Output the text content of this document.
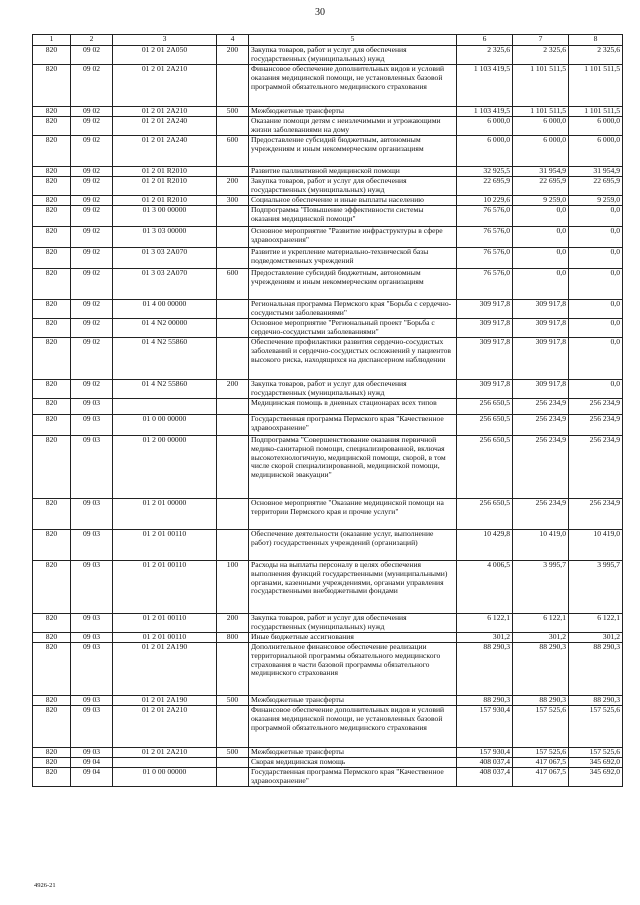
30
1	2	3	4	5	6	7	8
820	09 02	01 2 01 2А050	200	Закупка товаров, работ и услуг для обеспечения государственных (муниципальных) нужд	2 325,6	2 325,6	2 325,6
820	09 02	01 2 01 2А210		Финансовое обеспечение дополнительных видов и условий оказания медицинской помощи, не установленных базовой программой обязательного медицинского страхования	1 103 419,5	1 101 511,5	1 101 511,5
820	09 02	01 2 01 2А210	500	Межбюджетные трансферты	1 103 419,5	1 101 511,5	1 101 511,5
820	09 02	01 2 01 2А240		Оказание помощи детям с неизлечимыми и угрожающими жизни заболеваниями на дому	6 000,0	6 000,0	6 000,0
820	09 02	01 2 01 2А240	600	Предоставление субсидий бюджетным, автономным учреждениям и иным некоммерческим организациям	6 000,0	6 000,0	6 000,0
820	09 02	01 2 01 R2010		Развитие паллиативной медицинской помощи	32 925,5	31 954,9	31 954,9
820	09 02	01 2 01 R2010	200	Закупка товаров, работ и услуг для обеспечения государственных (муниципальных) нужд	22 695,9	22 695,9	22 695,9
820	09 02	01 2 01 R2010	300	Социальное обеспечение и иные выплаты населению	10 229,6	9 259,0	9 259,0
820	09 02	01 3 00 00000		Подпрограмма "Повышение эффективности системы оказания медицинской помощи"	76 576,0	0,0	0,0
820	09 02	01 3 03 00000		Основное мероприятие "Развитие инфраструктуры в сфере здравоохранения"	76 576,0	0,0	0,0
820	09 02	01 3 03 2А070		Развитие и укрепление материально-технической базы подведомственных учреждений	76 576,0	0,0	0,0
820	09 02	01 3 03 2А070	600	Предоставление субсидий бюджетным, автономным учреждениям и иным некоммерческим организациям	76 576,0	0,0	0,0
820	09 02	01 4 00 00000		Региональная программа Пермского края "Борьба с сердечно-сосудистыми заболеваниями"	309 917,8	309 917,8	0,0
820	09 02	01 4 N2 00000		Основное мероприятие "Региональный проект "Борьба с сердечно-сосудистыми заболеваниями"	309 917,8	309 917,8	0,0
820	09 02	01 4 N2 55860		Обеспечение профилактики развития сердечно-сосудистых заболеваний и сердечно-сосудистых осложнений у пациентов высокого риска, находящихся на диспансерном наблюдении	309 917,8	309 917,8	0,0
820	09 02	01 4 N2 55860	200	Закупка товаров, работ и услуг для обеспечения государственных (муниципальных) нужд	309 917,8	309 917,8	0,0
820	09 03			Медицинская помощь в дневных стационарах всех типов	256 650,5	256 234,9	256 234,9
820	09 03	01 0 00 00000		Государственная программа Пермского края "Качественное здравоохранение"	256 650,5	256 234,9	256 234,9
820	09 03	01 2 00 00000		Подпрограмма "Совершенствование оказания первичной медико-санитарной помощи, специализированной, включая высокотехнологичную, медицинской помощи, скорой, в том числе скорой специализированной, медицинской помощи, медицинской эвакуации"	256 650,5	256 234,9	256 234,9
820	09 03	01 2 01 00000		Основное мероприятие "Оказание медицинской помощи на территории Пермского края и прочие услуги"	256 650,5	256 234,9	256 234,9
820	09 03	01 2 01 00110		Обеспечение деятельности (оказание услуг, выполнение работ) государственных учреждений (организаций)	10 429,8	10 419,0	10 419,0
820	09 03	01 2 01 00110	100	Расходы на выплаты персоналу в целях обеспечения выполнения функций государственными (муниципальными) органами, казенными учреждениями, органами управления государственными внебюджетными фондами	4 006,5	3 995,7	3 995,7
820	09 03	01 2 01 00110	200	Закупка товаров, работ и услуг для обеспечения государственных (муниципальных) нужд	6 122,1	6 122,1	6 122,1
820	09 03	01 2 01 00110	800	Иные бюджетные ассигнования	301,2	301,2	301,2
820	09 03	01 2 01 2А190		Дополнительное финансовое обеспечение реализации территориальной программы обязательного медицинского страхования в части базовой программы обязательного медицинского страхования	88 290,3	88 290,3	88 290,3
820	09 03	01 2 01 2А190	500	Межбюджетные трансферты	88 290,3	88 290,3	88 290,3
820	09 03	01 2 01 2А210		Финансовое обеспечение дополнительных видов и условий оказания медицинской помощи, не установленных базовой программой обязательного медицинского страхования	157 930,4	157 525,6	157 525,6
820	09 03	01 2 01 2А210	500	Межбюджетные трансферты	157 930,4	157 525,6	157 525,6
820	09 04			Скорая медицинская помощь	408 037,4	417 067,5	345 692,0
820	09 04	01 0 00 00000		Государственная программа Пермского края "Качественное здравоохранение"	408 037,4	417 067,5	345 692,0
4926-21
